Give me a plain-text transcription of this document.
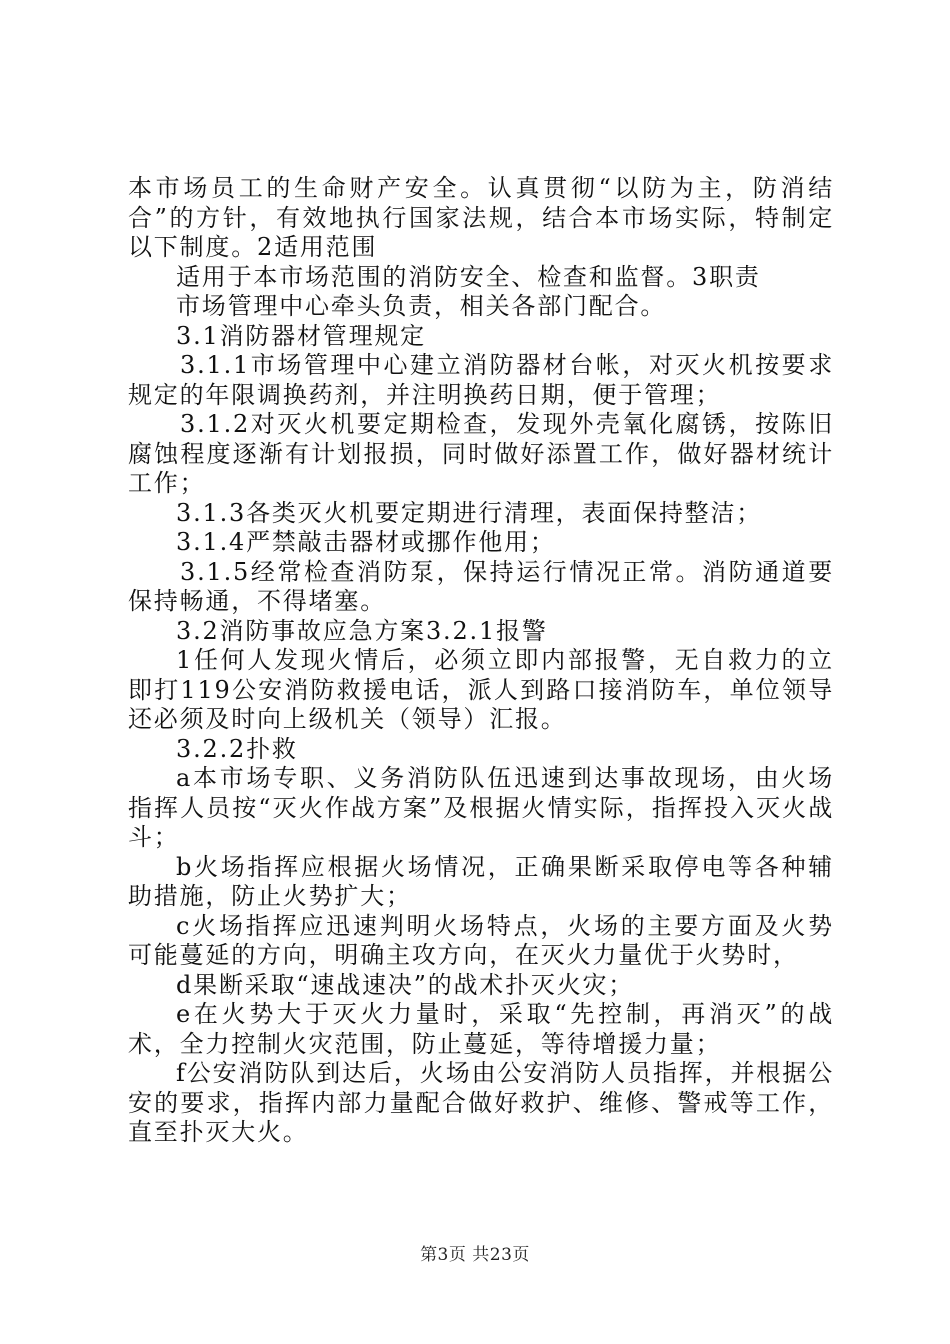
本市场员工的生命财产安全。认真贯彻“以防为主，防消结合”的方针，有效地执行国家法规，结合本市场实际，特制定以下制度。2适用范围

适用于本市场范围的消防安全、检查和监督。3职责

市场管理中心牵头负责，相关各部门配合。

3.1消防器材管理规定

3.1.1市场管理中心建立消防器材台帐，对灭火机按要求规定的年限调换药剂，并注明换药日期，便于管理；

3.1.2对灭火机要定期检查，发现外壳氧化腐锈，按陈旧腐蚀程度逐渐有计划报损，同时做好添置工作，做好器材统计工作；

3.1.3各类灭火机要定期进行清理，表面保持整洁；

3.1.4严禁敲击器材或挪作他用；

3.1.5经常检查消防泵，保持运行情况正常。消防通道要保持畅通，不得堵塞。

3.2消防事故应急方案3.2.1报警

1任何人发现火情后，必须立即内部报警，无自救力的立即打119公安消防救援电话，派人到路口接消防车，单位领导还必须及时向上级机关（领导）汇报。

3.2.2扑救

a本市场专职、义务消防队伍迅速到达事故现场，由火场指挥人员按“灭火作战方案”及根据火情实际，指挥投入灭火战斗；

b火场指挥应根据火场情况，正确果断采取停电等各种辅助措施，防止火势扩大；

c火场指挥应迅速判明火场特点，火场的主要方面及火势可能蔓延的方向，明确主攻方向，在灭火力量优于火势时，

d果断采取“速战速决”的战术扑灭火灾；

e在火势大于灭火力量时，采取“先控制，再消灭”的战术，全力控制火灾范围，防止蔓延，等待增援力量；

f公安消防队到达后，火场由公安消防人员指挥，并根据公安的要求，指挥内部力量配合做好救护、维修、警戒等工作，直至扑灭大火。

第3页 共23页
